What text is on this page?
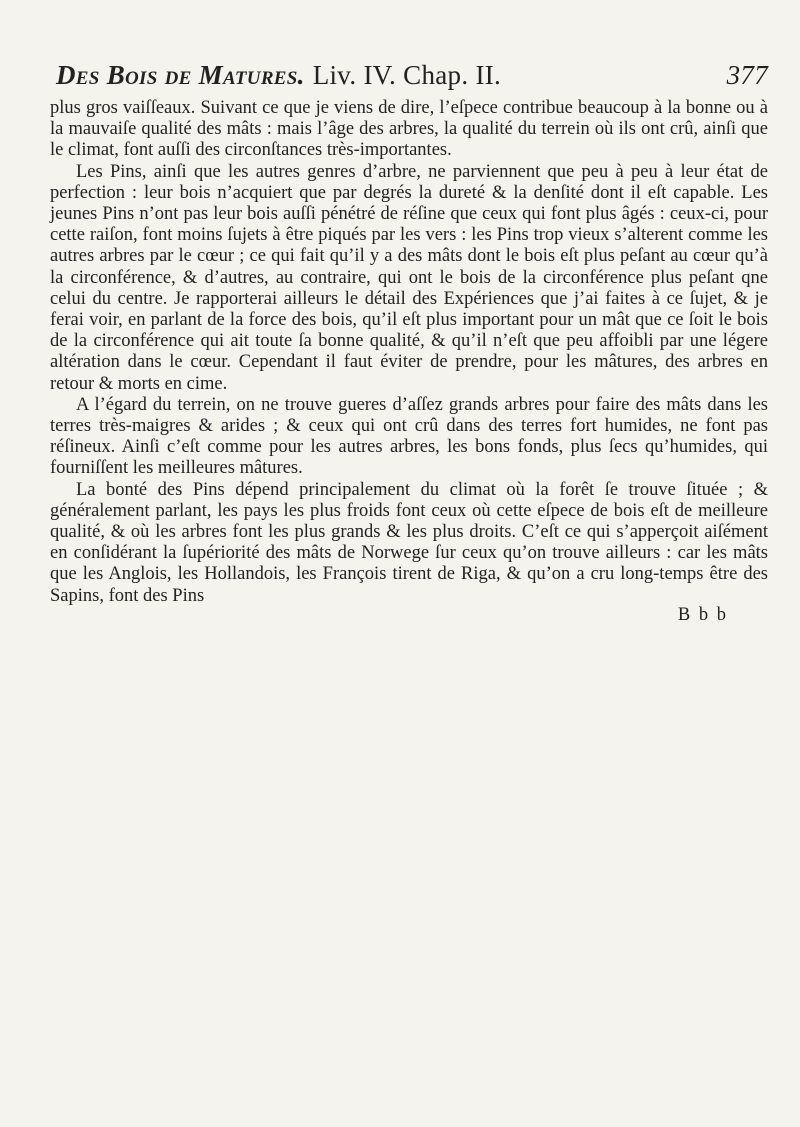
Des Bois de Matures. Liv. IV. Chap. II.	377

plus gros vaiſſeaux. Suivant ce que je viens de dire, l’eſpece contribue beaucoup à la bonne ou à la mauvaiſe qualité des mâts : mais l’âge des arbres, la qualité du terrein où ils ont crû, ainſi que le climat, font auſſi des circonſtances très-importantes.

Les Pins, ainſi que les autres genres d’arbre, ne parviennent que peu à peu à leur état de perfection : leur bois n’acquiert que par degrés la dureté & la denſité dont il eſt capable. Les jeunes Pins n’ont pas leur bois auſſi pénétré de réſine que ceux qui font plus âgés : ceux-ci, pour cette raiſon, font moins ſujets à être piqués par les vers : les Pins trop vieux s’alterent comme les autres arbres par le cœur ; ce qui fait qu’il y a des mâts dont le bois eſt plus peſant au cœur qu’à la circonférence, & d’autres, au contraire, qui ont le bois de la circonférence plus peſant qne celui du centre. Je rapporterai ailleurs le détail des Expériences que j’ai faites à ce ſujet, & je ferai voir, en parlant de la force des bois, qu’il eſt plus important pour un mât que ce ſoit le bois de la circonférence qui ait toute ſa bonne qualité, & qu’il n’eſt que peu affoibli par une légere altération dans le cœur. Cependant il faut éviter de prendre, pour les mâtures, des arbres en retour & morts en cime.

A l’égard du terrein, on ne trouve gueres d’aſſez grands arbres pour faire des mâts dans les terres très-maigres & arides ; & ceux qui ont crû dans des terres fort humides, ne font pas réſineux. Ainſi c’eſt comme pour les autres arbres, les bons fonds, plus ſecs qu’humides, qui fourniſſent les meilleures mâtures.

La bonté des Pins dépend principalement du climat où la forêt ſe trouve ſituée ; & généralement parlant, les pays les plus froids font ceux où cette eſpece de bois eſt de meilleure qualité, & où les arbres font les plus grands & les plus droits. C’eſt ce qui s’apperçoit aiſément en conſidérant la ſupériorité des mâts de Norwege ſur ceux qu’on trouve ailleurs : car les mâts que les Anglois, les Hollandois, les François tirent de Riga, & qu’on a cru long-temps être des Sapins, font des Pins

B b b
